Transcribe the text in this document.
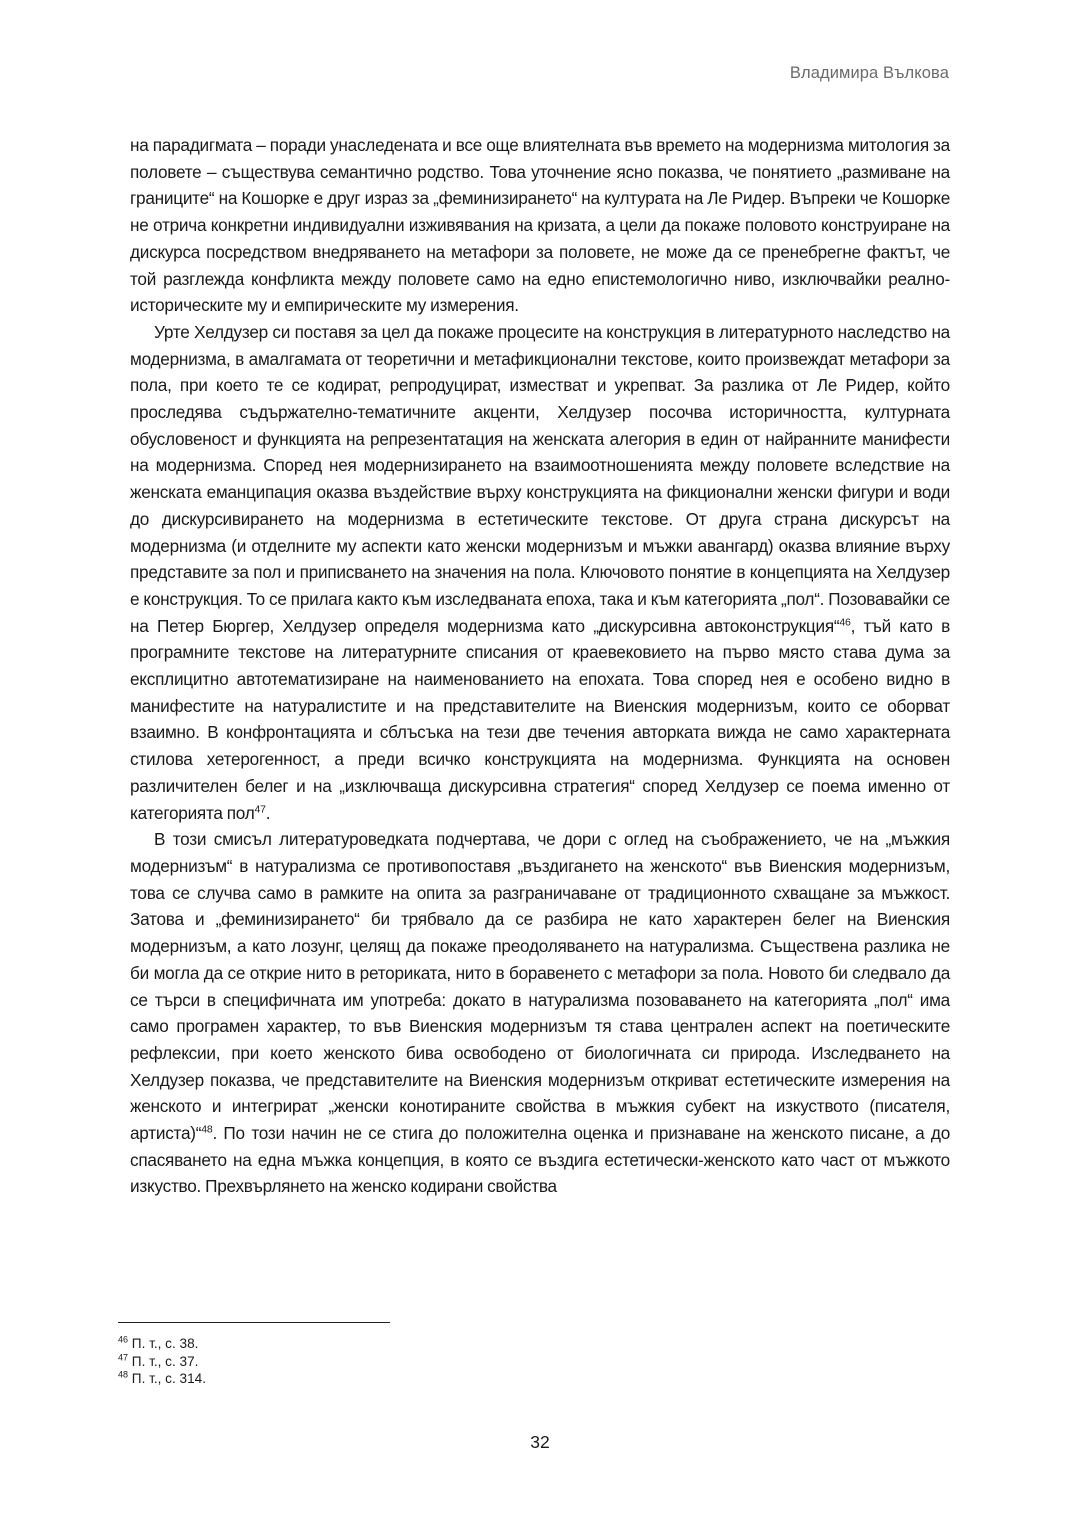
Владимира Вълкова

на парадигмата – поради унаследената и все още влиятелната във времето на модернизма митология за половете – съществува семантично родство. Това уточнение ясно показва, че понятието „размиване на границите“ на Кошорке е друг израз за „феминизирането“ на културата на Ле Ридер. Въпреки че Кошорке не отрича конкретни индивидуални изживявания на кризата, а цели да покаже половото конструиране на дискурса посредством внедряването на метафори за половете, не може да се пренебрегне фактът, че той разглежда конфликта между половете само на едно епистемологично ниво, изключвайки реално-историческите му и емпирическите му измерения.

Урте Хелдузер си поставя за цел да покаже процесите на конструкция в литературното наследство на модернизма, в амалгамата от теоретични и метафикционални текстове, които произвеждат метафори за пола, при което те се кодират, репродуцират, изместват и укрепват. За разлика от Ле Ридер, който проследява съдържателно-тематичните акценти, Хелдузер посочва историчността, културната обусловеност и функцията на репрезентатация на женската алегория в един от найранните манифести на модернизма. Според нея модернизирането на взаимоотношенията между половете вследствие на женската еманципация оказва въздействие върху конструкцията на фикционални женски фигури и води до дискурсивирането на модернизма в естетическите текстове. От друга страна дискурсът на модернизма (и отделните му аспекти като женски модернизъм и мъжки авангард) оказва влияние върху представите за пол и приписването на значения на пола. Ключовото понятие в концепцията на Хелдузер е конструкция. То се прилага както към изследваната епоха, така и към категорията „пол“. Позовавайки се на Петер Бюргер, Хелдузер определя модернизма като „дискурсивна автоконструкция“$^{46}$, тъй като в програмните текстове на литературните списания от краевековието на първо място става дума за експлицитно автотематизиране на наименованието на епохата. Това според нея е особено видно в манифестите на натуралистите и на представителите на Виенския модернизъм, които се оборват взаимно. В конфронтацията и сблъсъка на тези две течения авторката вижда не само характерната стилова хетерогенност, а преди всичко конструкцията на модернизма. Функцията на основен различителен белег и на „изключваща дискурсивна стратегия“ според Хелдузер се поема именно от категорията пол$^{47}$.

В този смисъл литературоведката подчертава, че дори с оглед на съображението, че на „мъжкия модернизъм“ в натурализма се противопоставя „въздигането на женското“ във Виенския модернизъм, това се случва само в рамките на опита за разграничаване от традиционното схващане за мъжкост. Затова и „феминизирането“ би трябвало да се разбира не като характерен белег на Виенския модернизъм, а като лозунг, целящ да покаже преодоляването на натурализма. Съществена разлика не би могла да се открие нито в реториката, нито в боравенето с метафори за пола. Новото би следвало да се търси в специфичната им употреба: докато в натурализма позоваването на категорията „пол“ има само програмен характер, то във Виенския модернизъм тя става централен аспект на поетическите рефлексии, при което женското бива освободено от биологичната си природа. Изследването на Хелдузер показва, че представителите на Виенския модернизъм откриват естетическите измерения на женското и интегрират „женски конотираните свойства в мъжкия субект на изкуството (писателя, артиста)“$^{48}$. По този начин не се стига до положителна оценка и признаване на женското писане, а до спасяването на една мъжка концепция, в която се въздига естетически-женското като част от мъжкото изкуство. Прехвърлянето на женско кодирани свойства

$^{46}$ П. т., с. 38.
$^{47}$ П. т., с. 37.
$^{48}$ П. т., с. 314.
32
